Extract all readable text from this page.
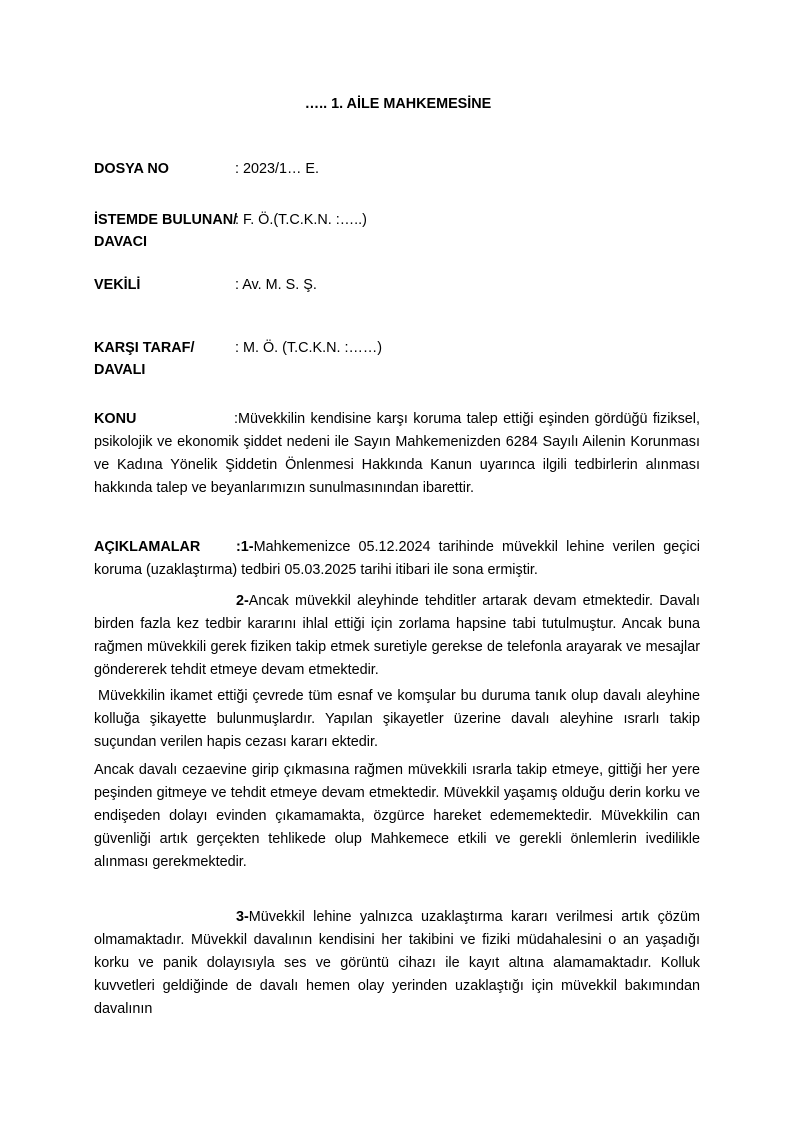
….. 1. AİLE MAHKEMESİNE
DOSYA NO	: 2023/1… E.
İSTEMDE BULUNAN/
DAVACI
: F. Ö.(T.C.K.N. :…..)
VEKİLİ	: Av. M. S. Ş.
KARŞI TARAF/
DAVALI
: M. Ö. (T.C.K.N. :……)

KONU	:Müvekkilin kendisine karşı koruma talep ettiği eşinden gördüğü fiziksel, psikolojik ve ekonomik şiddet nedeni ile Sayın Mahkemenizden 6284 Sayılı Ailenin Korunması ve Kadına Yönelik Şiddetin Önlenmesi Hakkında Kanun uyarınca ilgili tedbirlerin alınması hakkında talep ve beyanlarımızın sunulmasınından ibarettir.

AÇIKLAMALAR :1-Mahkemenizce 05.12.2024 tarihinde müvekkil lehine verilen geçici koruma (uzaklaştırma) tedbiri 05.03.2025 tarihi itibari ile sona ermiştir.

2-Ancak müvekkil aleyhinde tehditler artarak devam etmektedir. Davalı birden fazla kez tedbir kararını ihlal ettiği için zorlama hapsine tabi tutulmuştur. Ancak buna rağmen müvekkili gerek fiziken takip etmek suretiyle gerekse de telefonla arayarak ve mesajlar göndererek tehdit etmeye devam etmektedir.

Müvekkilin ikamet ettiği çevrede tüm esnaf ve komşular bu duruma tanık olup davalı aleyhine kolluğa şikayette bulunmuşlardır. Yapılan şikayetler üzerine davalı aleyhine ısrarlı takip suçundan verilen hapis cezası kararı ektedir.

Ancak davalı cezaevine girip çıkmasına rağmen müvekkili ısrarla takip etmeye, gittiği her yere peşinden gitmeye ve tehdit etmeye devam etmektedir. Müvekkil yaşamış olduğu derin korku ve endişeden dolayı evinden çıkamamakta, özgürce hareket edememektedir. Müvekkilin can güvenliği artık gerçekten tehlikede olup Mahkemece etkili ve gerekli önlemlerin ivedilikle alınması gerekmektedir.

3-Müvekkil lehine yalnızca uzaklaştırma kararı verilmesi artık çözüm olmamaktadır. Müvekkil davalının kendisini her takibini ve fiziki müdahalesini o an yaşadığı korku ve panik dolayısıyla ses ve görüntü cihazı ile kayıt altına alamamaktadır. Kolluk kuvvetleri geldiğinde de davalı hemen olay yerinden uzaklaştığı için müvekkil bakımından davalının
